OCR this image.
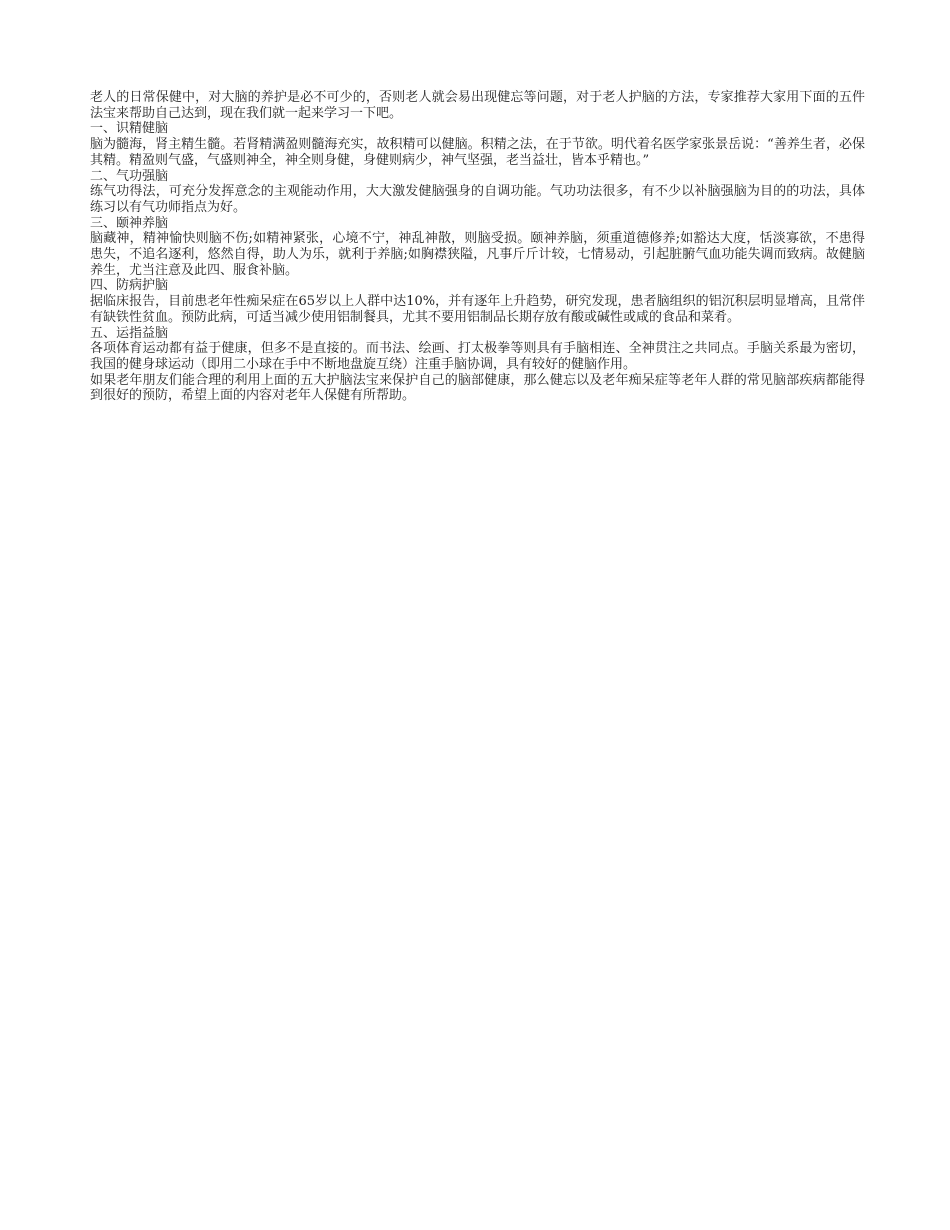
老人的日常保健中，对大脑的养护是必不可少的，否则老人就会易出现健忘等问题，对于老人护脑的方法，专家推荐大家用下面的五件法宝来帮助自己达到，现在我们就一起来学习一下吧。

一、识精健脑

脑为髓海，肾主精生髓。若肾精满盈则髓海充实，故积精可以健脑。积精之法，在于节欲。明代着名医学家张景岳说：“善养生者，必保其精。精盈则气盛，气盛则神全，神全则身健，身健则病少，神气坚强，老当益壮，皆本乎精也。”

二、气功强脑

练气功得法，可充分发挥意念的主观能动作用，大大激发健脑强身的自调功能。气功功法很多，有不少以补脑强脑为目的的功法，具体练习以有气功师指点为好。

三、颐神养脑

脑藏神，精神愉快则脑不伤;如精神紧张，心境不宁，神乱神散，则脑受损。颐神养脑，须重道德修养;如豁达大度，恬淡寡欲，不患得患失，不追名逐利，悠然自得，助人为乐，就利于养脑;如胸襟狭隘，凡事斤斤计较，七情易动，引起脏腑气血功能失调而致病。故健脑养生，尤当注意及此四、服食补脑。

四、防病护脑

据临床报告，目前患老年性痴呆症在65岁以上人群中达10%，并有逐年上升趋势，研究发现，患者脑组织的铝沉积层明显增高，且常伴有缺铁性贫血。预防此病，可适当减少使用铝制餐具，尤其不要用铝制品长期存放有酸或碱性或咸的食品和菜肴。

五、运指益脑

各项体育运动都有益于健康，但多不是直接的。而书法、绘画、打太极拳等则具有手脑相连、全神贯注之共同点。手脑关系最为密切，我国的健身球运动（即用二小球在手中不断地盘旋互绕）注重手脑协调，具有较好的健脑作用。

如果老年朋友们能合理的利用上面的五大护脑法宝来保护自己的脑部健康，那么健忘以及老年痴呆症等老年人群的常见脑部疾病都能得到很好的预防，希望上面的内容对老年人保健有所帮助。
